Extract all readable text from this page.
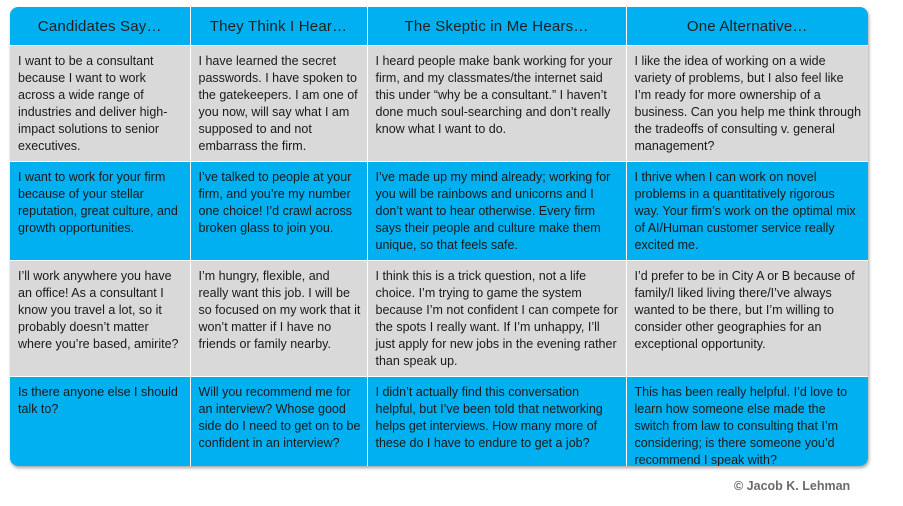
Candidates Say…	They Think I Hear…	The Skeptic in Me Hears…	One Alternative…
I want to be a consultant because I want to work across a wide range of industries and deliver high-impact solutions to senior executives.	I have learned the secret passwords. I have spoken to the gatekeepers. I am one of you now, will say what I am supposed to and not embarrass the firm.	I heard people make bank working for your firm, and my classmates/the internet said this under “why be a consultant.” I haven’t done much soul-searching and don’t really know what I want to do.	I like the idea of working on a wide variety of problems, but I also feel like I’m ready for more ownership of a business. Can you help me think through the tradeoffs of consulting v. general management?
I want to work for your firm because of your stellar reputation, great culture, and growth opportunities.	I’ve talked to people at your firm, and you’re my number one choice! I’d crawl across broken glass to join you.	I’ve made up my mind already; working for you will be rainbows and unicorns and I don’t want to hear otherwise. Every firm says their people and culture make them unique, so that feels safe.	I thrive when I can work on novel problems in a quantitatively rigorous way. Your firm’s work on the optimal mix of AI/Human customer service really excited me.
I’ll work anywhere you have an office! As a consultant I know you travel a lot, so it probably doesn’t matter where you’re based, amirite?	I’m hungry, flexible, and really want this job. I will be so focused on my work that it won’t matter if I have no friends or family nearby.	I think this is a trick question, not a life choice. I’m trying to game the system because I’m not confident I can compete for the spots I really want. If I’m unhappy, I’ll just apply for new jobs in the evening rather than speak up.	I’d prefer to be in City A or B because of family/I liked living there/I’ve always wanted to be there, but I’m willing to consider other geographies for an exceptional opportunity.
Is there anyone else I should talk to?	Will you recommend me for an interview? Whose good side do I need to get on to be confident in an interview?	I didn’t actually find this conversation helpful, but I’ve been told that networking helps get interviews. How many more of these do I have to endure to get a job?	This has been really helpful. I’d love to learn how someone else made the switch from law to consulting that I’m considering; is there someone you’d recommend I speak with?
© Jacob K. Lehman
